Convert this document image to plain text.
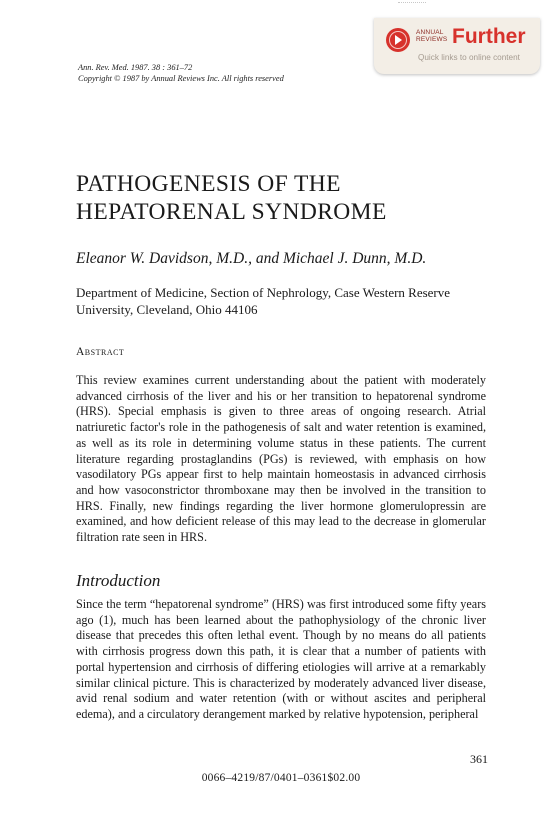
Ann. Rev. Med. 1987. 38 : 361–72
Copyright © 1987 by Annual Reviews Inc. All rights reserved
ANNUAL
REVIEWS Further
Quick links to online content
PATHOGENESIS OF THE
HEPATORENAL SYNDROME
Eleanor W. Davidson, M.D., and Michael J. Dunn, M.D.
Department of Medicine, Section of Nephrology, Case Western Reserve University, Cleveland, Ohio 44106
Abstract

This review examines current understanding about the patient with moderately advanced cirrhosis of the liver and his or her transition to hepatorenal syndrome (HRS). Special emphasis is given to three areas of ongoing research. Atrial natriuretic factor's role in the pathogenesis of salt and water retention is examined, as well as its role in determining volume status in these patients. The current literature regarding prostaglandins (PGs) is reviewed, with emphasis on how vasodilatory PGs appear first to help maintain homeostasis in advanced cirrhosis and how vasoconstrictor thromboxane may then be involved in the transition to HRS. Finally, new findings regarding the liver hormone glomerulopressin are examined, and how deficient release of this may lead to the decrease in glomerular filtration rate seen in HRS.

Introduction

Since the term “hepatorenal syndrome” (HRS) was first introduced some fifty years ago (1), much has been learned about the pathophysiology of the chronic liver disease that precedes this often lethal event. Though by no means do all patients with cirrhosis progress down this path, it is clear that a number of patients with portal hypertension and cirrhosis of differing etiologies will arrive at a remarkably similar clinical picture. This is characterized by moderately advanced liver disease, avid renal sodium and water retention (with or without ascites and peripheral edema), and a circulatory derangement marked by relative hypotension, peripheral

361
0066–4219/87/0401–0361$02.00
